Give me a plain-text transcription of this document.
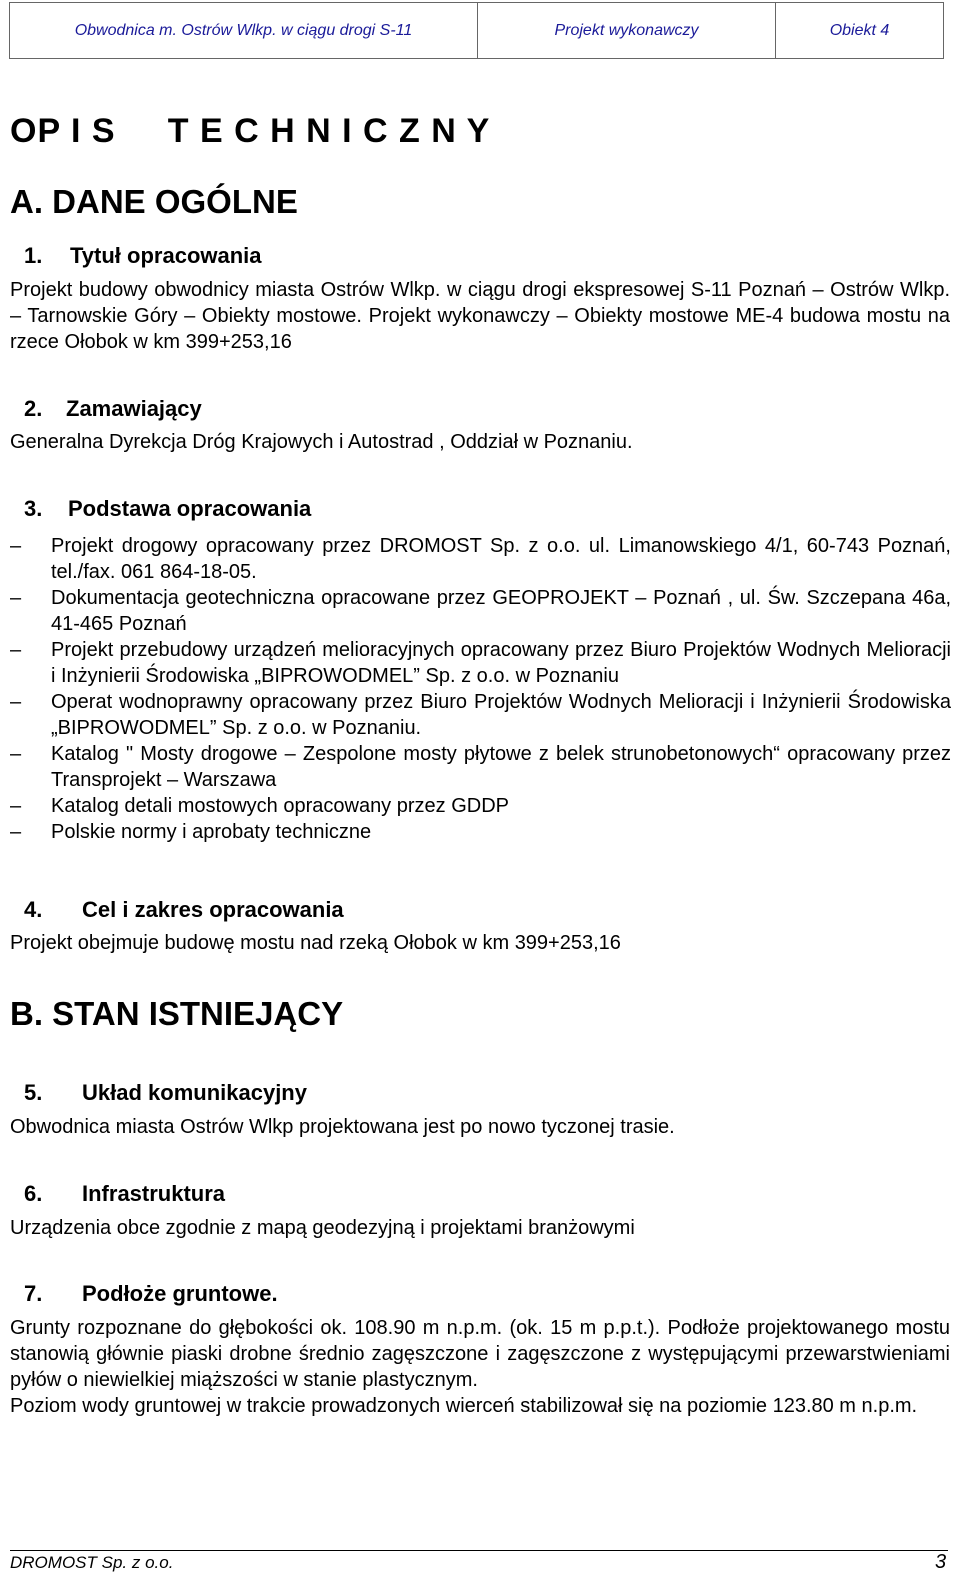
Obwodnica m. Ostrów Wlkp. w ciągu drogi S-11	Projekt wykonawczy	Obiekt 4
OP I S     T E C H N I C Z N Y
A. DANE OGÓLNE
1. Tytuł opracowania
Projekt budowy obwodnicy miasta Ostrów Wlkp. w ciągu drogi ekspresowej S-11 Poznań – Ostrów Wlkp. – Tarnowskie Góry – Obiekty mostowe. Projekt wykonawczy – Obiekty mostowe ME-4 budowa mostu na rzece Ołobok w km 399+253,16
2. Zamawiający
Generalna Dyrekcja Dróg Krajowych i Autostrad , Oddział w Poznaniu.
3. Podstawa opracowania
– Projekt drogowy opracowany przez DROMOST Sp. z o.o. ul. Limanowskiego 4/1, 60-743 Poznań, tel./fax. 061 864-18-05.
– Dokumentacja geotechniczna opracowane przez GEOPROJEKT – Poznań , ul. Św. Szczepana 46a, 41-465 Poznań
– Projekt przebudowy urządzeń melioracyjnych opracowany przez Biuro Projektów Wodnych Melioracji i Inżynierii Środowiska „BIPROWODMEL” Sp. z o.o. w Poznaniu
– Operat wodnoprawny opracowany przez Biuro Projektów Wodnych Melioracji i Inżynierii Środowiska „BIPROWODMEL” Sp. z o.o. w Poznaniu.
– Katalog " Mosty drogowe – Zespolone mosty płytowe z belek strunobetonowych“ opracowany przez Transprojekt – Warszawa
– Katalog detali mostowych opracowany przez GDDP
– Polskie normy i aprobaty techniczne
4. Cel i zakres opracowania
Projekt obejmuje budowę mostu nad rzeką Ołobok w km 399+253,16
B. STAN ISTNIEJĄCY
5. Układ komunikacyjny
Obwodnica miasta Ostrów Wlkp projektowana jest po nowo tyczonej trasie.
6. Infrastruktura
Urządzenia obce zgodnie z mapą geodezyjną i projektami branżowymi
7. Podłoże gruntowe.
Grunty rozpoznane do głębokości ok. 108.90 m n.p.m. (ok. 15 m p.p.t.). Podłoże projektowanego mostu stanowią głównie piaski drobne średnio zagęszczone i zagęszczone z występującymi przewarstwieniami pyłów o niewielkiej miąższości w stanie plastycznym.
Poziom wody gruntowej w trakcie prowadzonych wierceń stabilizował się na poziomie 123.80 m n.p.m.
DROMOST Sp. z o.o.	3
